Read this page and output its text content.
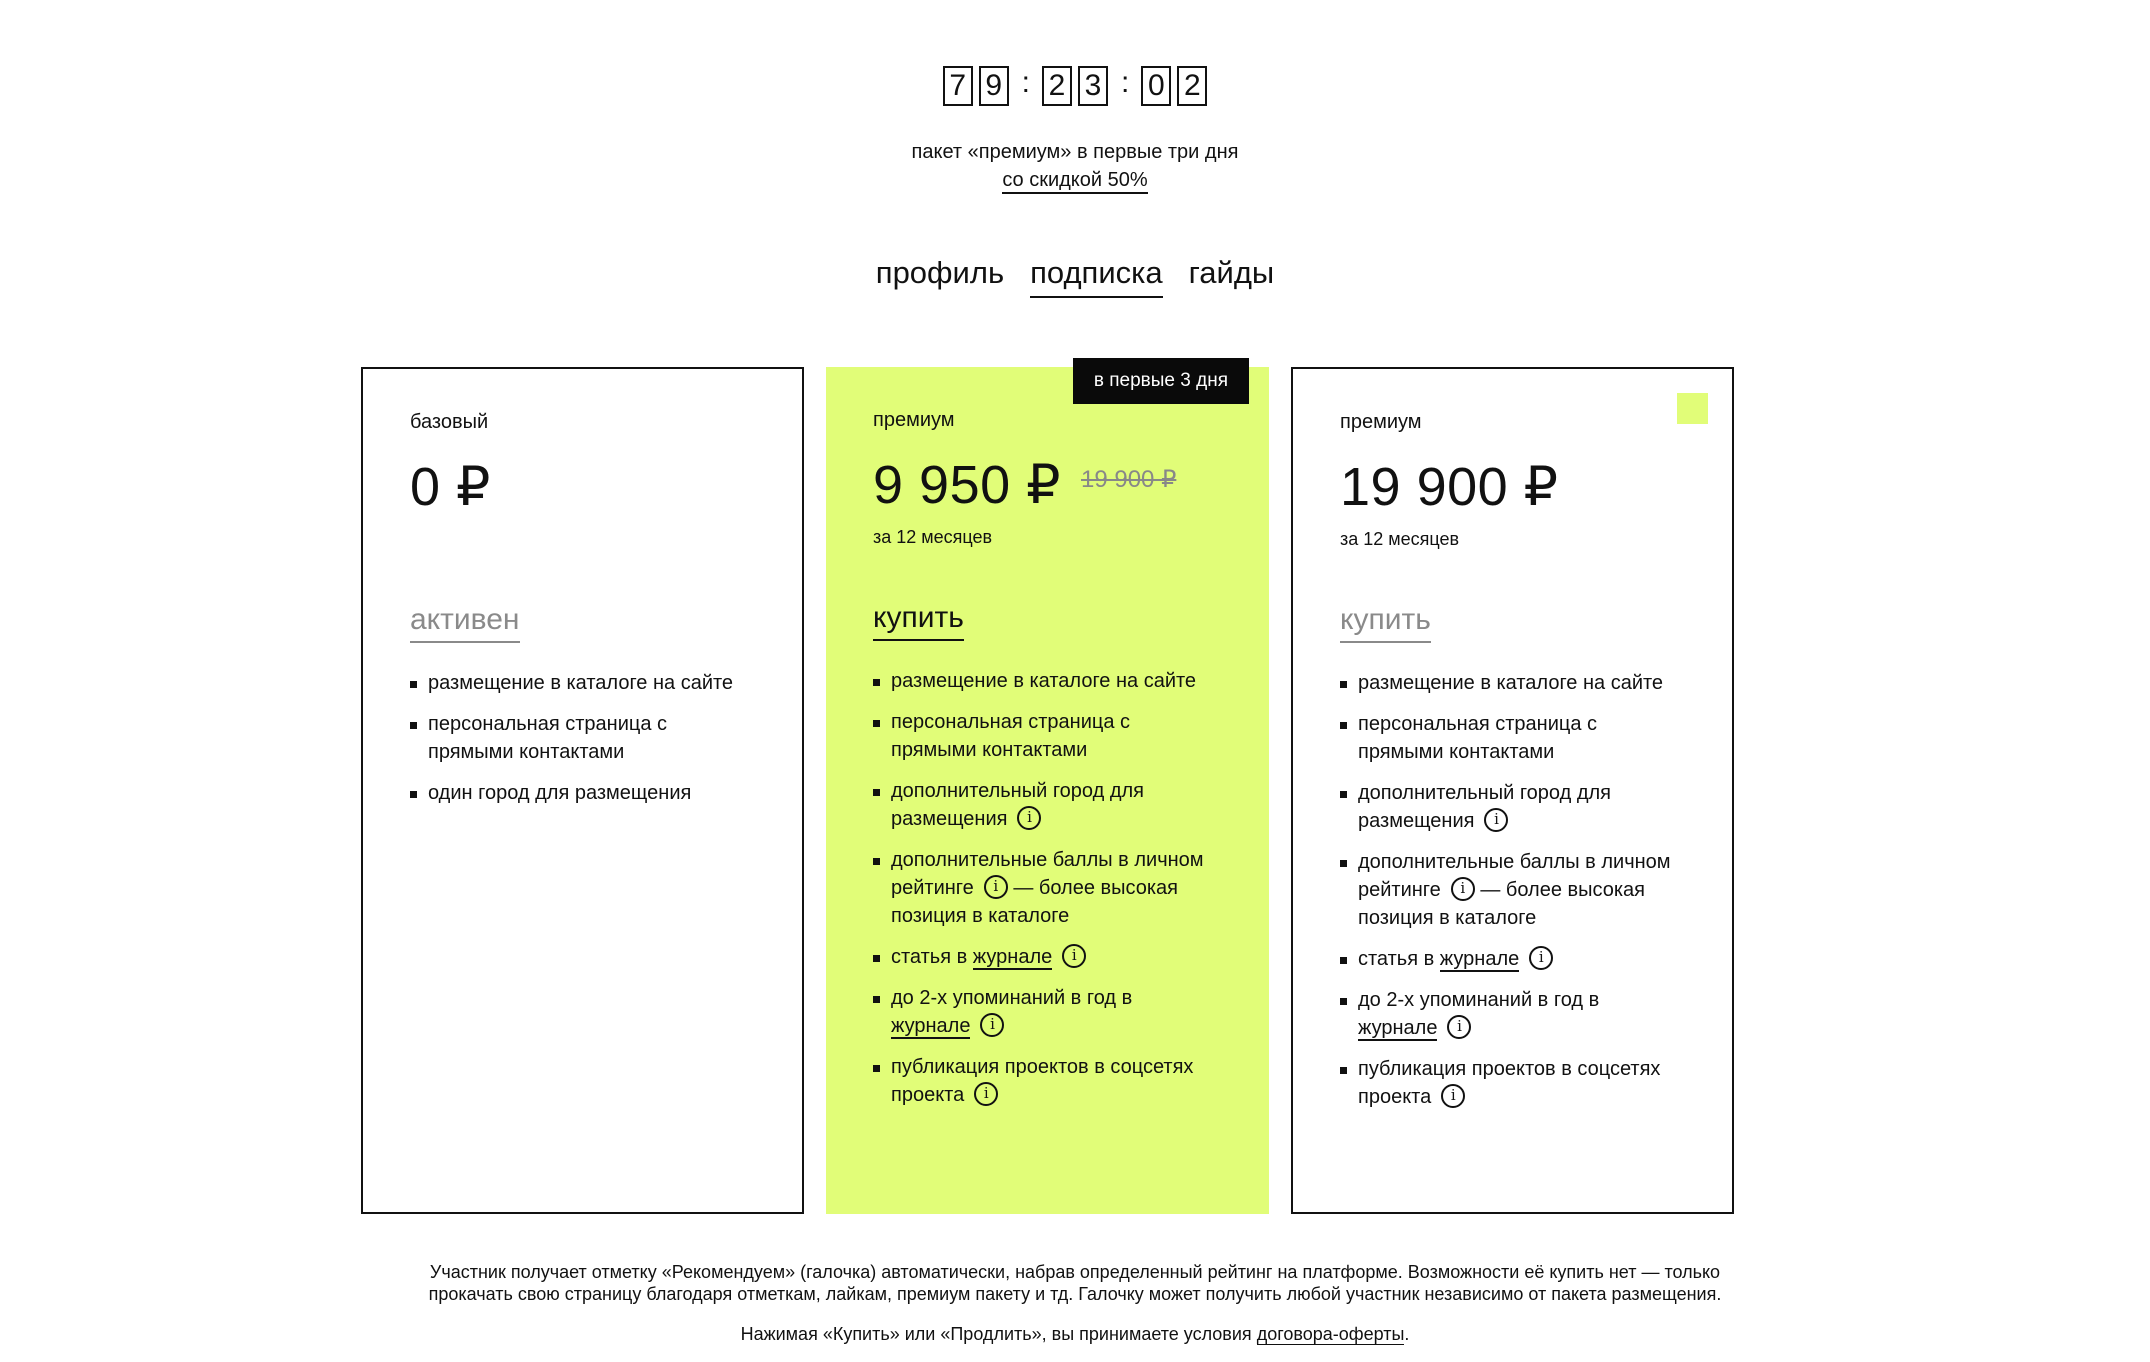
7 9 : 2 3 : 0 2
пакет «премиум» в первые три дня
со скидкой 50%
профиль подписка гайды
базовый
0 ₽
активен
размещение в каталоге на сайте
персональная страница с прямыми контактами
один город для размещения
в первые 3 дня
премиум
9 950 ₽ 19 900 ₽
за 12 месяцев
купить
размещение в каталоге на сайте
персональная страница с прямыми контактами
дополнительный город для размещения i
дополнительные баллы в личном рейтинге i — более высокая позиция в каталоге
статья в журнале i
до 2-х упоминаний в год в журнале i
публикация проектов в соцсетях проекта i
премиум
19 900 ₽
за 12 месяцев
купить
размещение в каталоге на сайте
персональная страница с прямыми контактами
дополнительный город для размещения i
дополнительные баллы в личном рейтинге i — более высокая позиция в каталоге
статья в журнале i
до 2-х упоминаний в год в журнале i
публикация проектов в соцсетях проекта i
Участник получает отметку «Рекомендуем» (галочка) автоматически, набрав определенный рейтинг на платформе. Возможности её купить нет — только
прокачать свою страницу благодаря отметкам, лайкам, премиум пакету и тд. Галочку может получить любой участник независимо от пакета размещения.
Нажимая «Купить» или «Продлить», вы принимаете условия договора-оферты.
